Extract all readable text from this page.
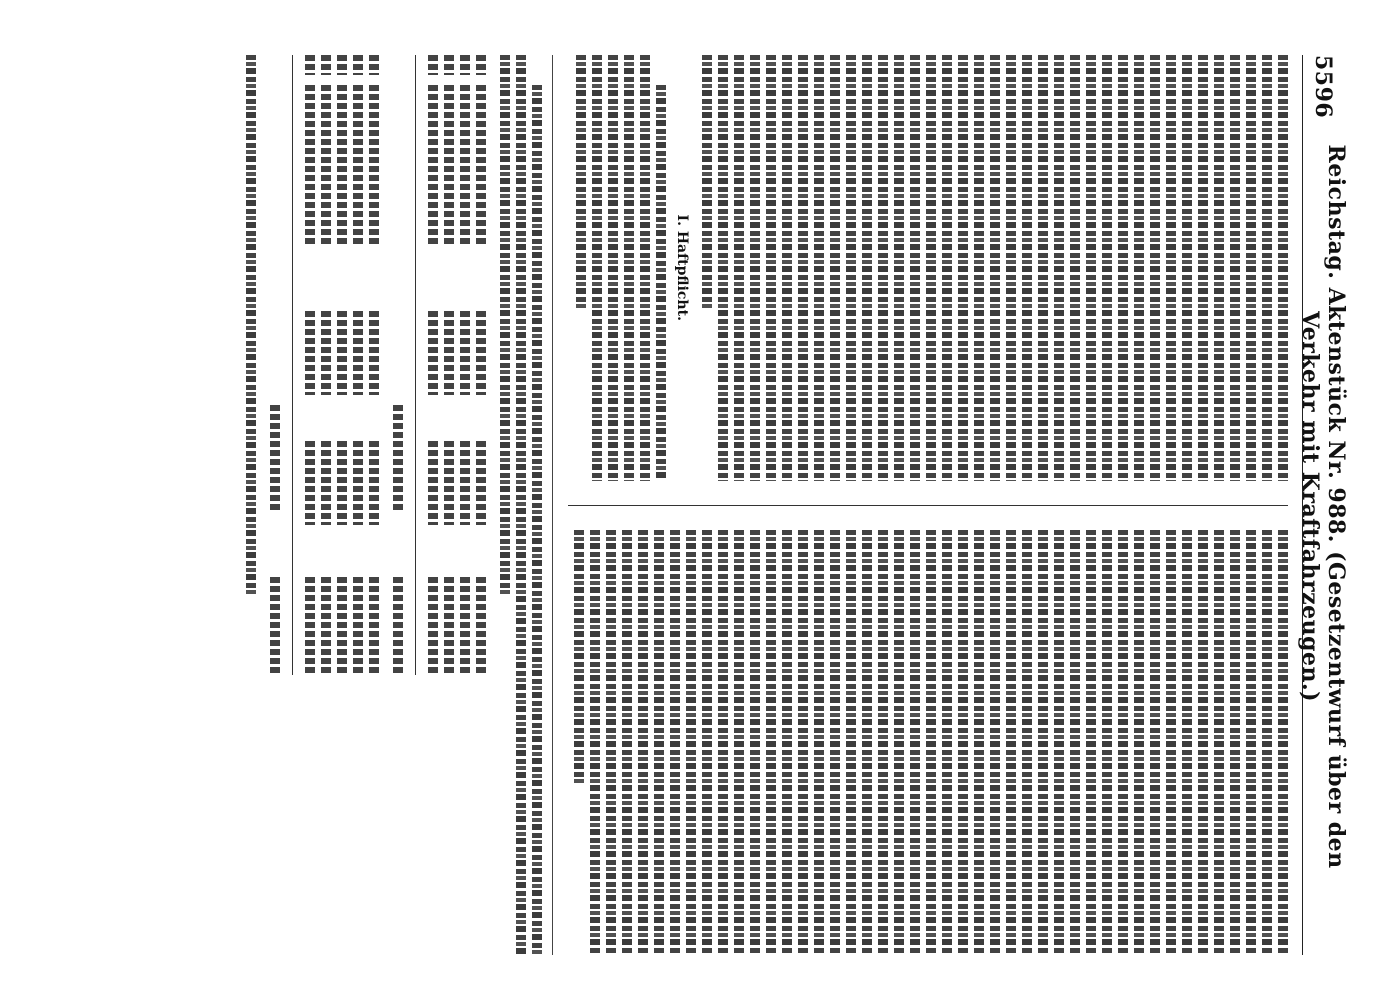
5596
Reichstag. Aktenstück Nr. 988. (Gesetzentwurf über den Verkehr mit Kraftfahrzeugen.)
I. Haftpflicht.
